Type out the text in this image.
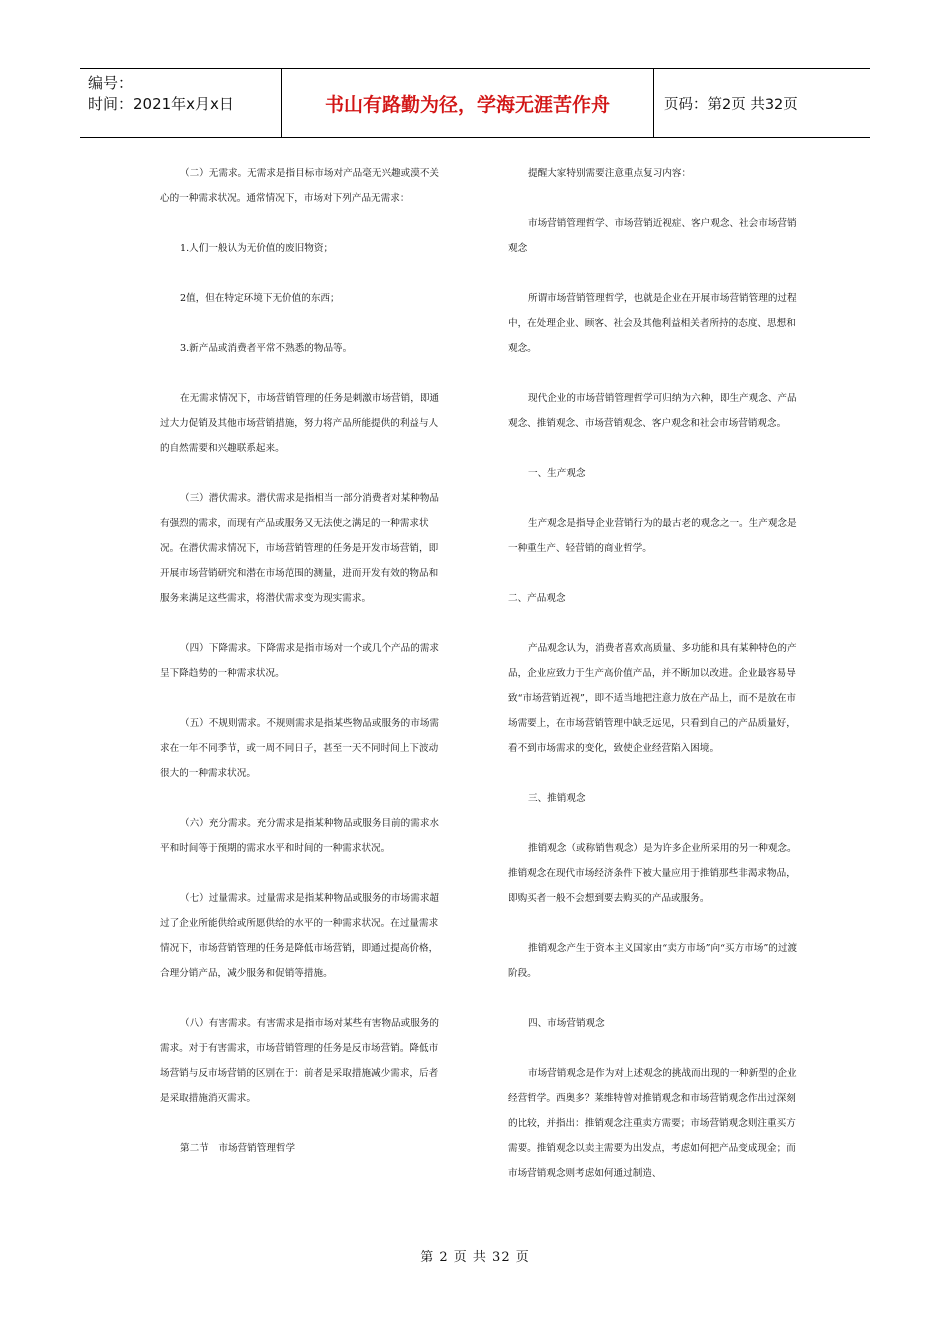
编号：
时间：2021年x月x日	书山有路勤为径，学海无涯苦作舟	页码：第2页 共32页

（二）无需求。无需求是指目标市场对产品毫无兴趣或漠不关心的一种需求状况。通常情况下，市场对下列产品无需求：

1.人们一般认为无价值的废旧物资；

2值，但在特定环境下无价值的东西；

3.新产品或消费者平常不熟悉的物品等。

在无需求情况下，市场营销管理的任务是刺激市场营销，即通过大力促销及其他市场营销措施，努力将产品所能提供的利益与人的自然需要和兴趣联系起来。

（三）潜伏需求。潜伏需求是指相当一部分消费者对某种物品有强烈的需求，而现有产品或服务又无法使之满足的一种需求状况。在潜伏需求情况下，市场营销管理的任务是开发市场营销，即开展市场营销研究和潜在市场范围的测量，进而开发有效的物品和服务来满足这些需求，将潜伏需求变为现实需求。

（四）下降需求。下降需求是指市场对一个或几个产品的需求呈下降趋势的一种需求状况。

（五）不规则需求。不规则需求是指某些物品或服务的市场需求在一年不同季节，或一周不同日子，甚至一天不同时间上下波动很大的一种需求状况。

（六）充分需求。充分需求是指某种物品或服务目前的需求水平和时间等于预期的需求水平和时间的一种需求状况。

（七）过量需求。过量需求是指某种物品或服务的市场需求超过了企业所能供给或所愿供给的水平的一种需求状况。在过量需求情况下，市场营销管理的任务是降低市场营销，即通过提高价格，合理分销产品，减少服务和促销等措施。

（八）有害需求。有害需求是指市场对某些有害物品或服务的需求。对于有害需求，市场营销管理的任务是反市场营销。降低市场营销与反市场营销的区别在于：前者是采取措施减少需求，后者是采取措施消灭需求。

第二节　市场营销管理哲学

提醒大家特别需要注意重点复习内容：

市场营销管理哲学、市场营销近视症、客户观念、社会市场营销观念

所谓市场营销管理哲学，也就是企业在开展市场营销管理的过程中，在处理企业、顾客、社会及其他利益相关者所持的态度、思想和观念。

现代企业的市场营销管理哲学可归纳为六种，即生产观念、产品观念、推销观念、市场营销观念、客户观念和社会市场营销观念。

一、生产观念

生产观念是指导企业营销行为的最古老的观念之一。生产观念是一种重生产、轻营销的商业哲学。

二、产品观念

产品观念认为，消费者喜欢高质量、多功能和具有某种特色的产品，企业应致力于生产高价值产品，并不断加以改进。企业最容易导致“市场营销近视”，即不适当地把注意力放在产品上，而不是放在市场需要上，在市场营销管理中缺乏远见，只看到自己的产品质量好，看不到市场需求的变化，致使企业经营陷入困境。

三、推销观念

推销观念（或称销售观念）是为许多企业所采用的另一种观念。推销观念在现代市场经济条件下被大量应用于推销那些非渴求物品，即购买者一般不会想到要去购买的产品或服务。

推销观念产生于资本主义国家由“卖方市场”向“买方市场”的过渡阶段。

四、市场营销观念

市场营销观念是作为对上述观念的挑战而出现的一种新型的企业经营哲学。西奥多？莱维特曾对推销观念和市场营销观念作出过深刻的比较，并指出：推销观念注重卖方需要；市场营销观念则注重买方需要。推销观念以卖主需要为出发点，考虑如何把产品变成现金；而市场营销观念则考虑如何通过制造、

第 2 页 共 32 页
